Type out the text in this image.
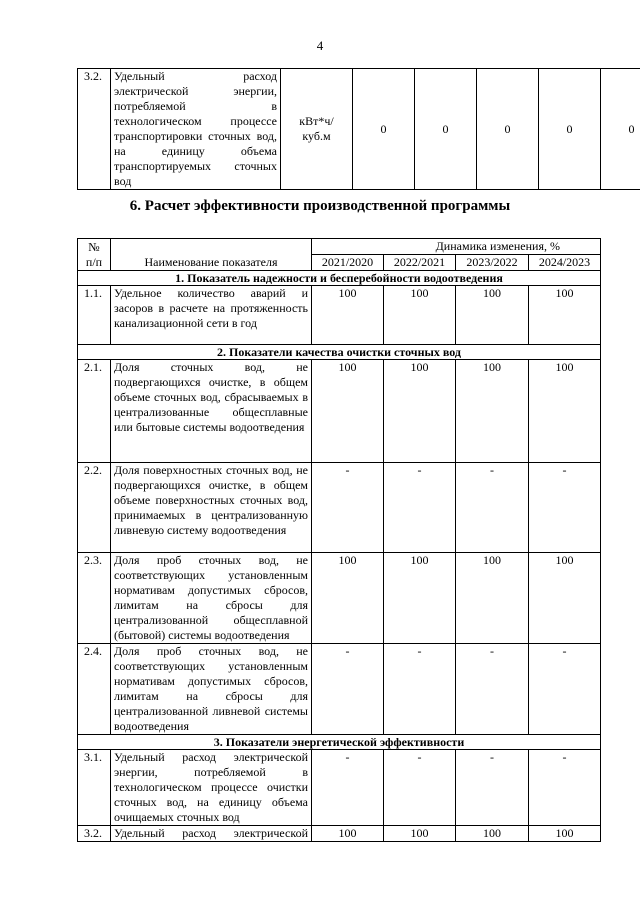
4
3.2.	Удельный расход электрической энергии, потребляемой в технологическом процессе транспортировки сточных вод, на единицу объема транспортируемых сточных вод	кВт*ч/ куб.м	0	0	0	0	0
6. Расчет эффективности производственной программы
№
п/п	Наименование показателя	Динамика изменения, %			
		2021/2020	2022/2021	2023/2022	2024/2023
1. Показатель надежности и бесперебойности водоотведения					
1.1.	Удельное количество аварий и засоров в расчете на протяженность канализационной сети в год	100	100	100	100
2. Показатели качества очистки сточных вод					
2.1.	Доля сточных вод, не подвергающихся очистке, в общем объеме сточных вод, сбрасываемых в централизованные общесплавные или бытовые системы водоотведения	100	100	100	100
2.2.	Доля поверхностных сточных вод, не подвергающихся очистке, в общем объеме поверхностных сточных вод, принимаемых в централизованную ливневую систему водоотведения	-	-	-	-
2.3.	Доля проб сточных вод, не соответствующих установленным нормативам допустимых сбросов, лимитам на сбросы для централизованной общесплавной (бытовой) системы водоотведения	100	100	100	100
2.4.	Доля проб сточных вод, не соответствующих установленным нормативам допустимых сбросов, лимитам на сбросы для централизованной ливневой системы водоотведения	-	-	-	-
3. Показатели энергетической эффективности					
3.1.	Удельный расход электрической энергии, потребляемой в технологическом процессе очистки сточных вод, на единицу объема очищаемых сточных вод	-	-	-	-
3.2.	Удельный расход электрической	100	100	100	100
